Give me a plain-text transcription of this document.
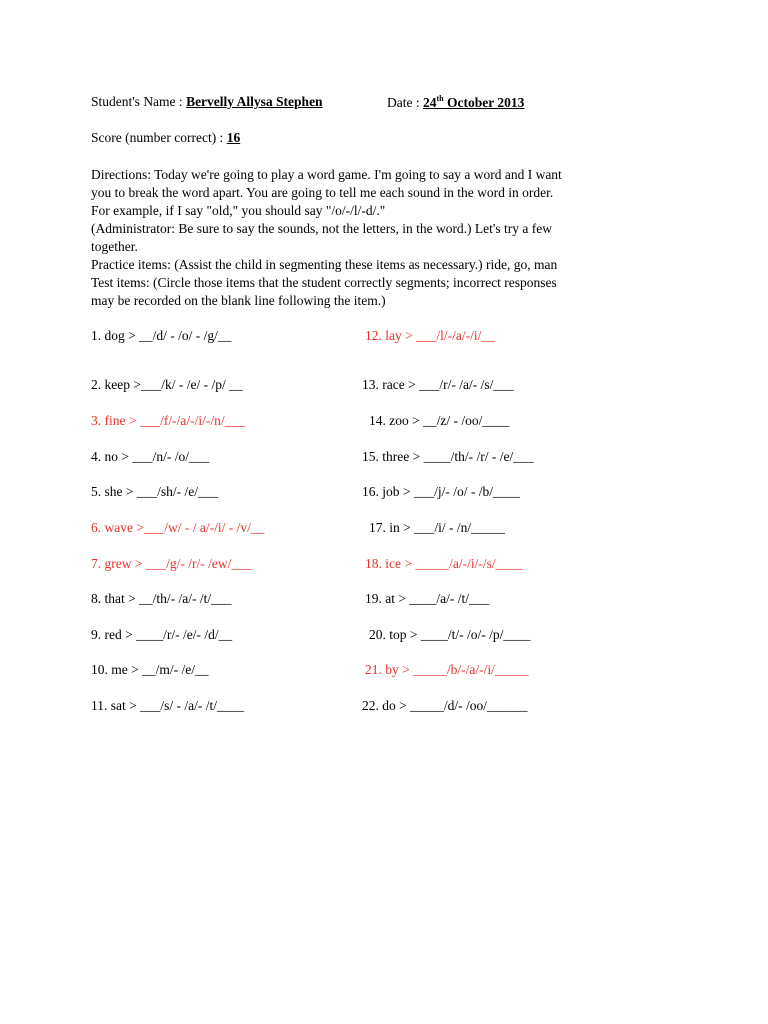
Student's Name : Bervelly Allysa Stephen	Date : 24th October 2013
Score (number correct) : 16

Directions: Today we're going to play a word game. I'm going to say a word and I want

you to break the word apart. You are going to tell me each sound in the word in order.

For example, if I say "old," you should say "/o/-/l/-d/."

(Administrator: Be sure to say the sounds, not the letters, in the word.) Let's try a few

together.

Practice items: (Assist the child in segmenting these items as necessary.) ride, go, man

Test items: (Circle those items that the student correctly segments; incorrect responses

may be recorded on the blank line following the item.)

1. dog > __/d/ - /o/ - /g/__
2. keep >___/k/ - /e/ - /p/ __
3. fine > ___/f/-/a/-/i/-/n/___
4. no > ___/n/- /o/___
5. she > ___/sh/- /e/___
6. wave >___/w/ - / a/-/i/ - /v/__
7. grew > ___/g/- /r/- /ew/___
8. that > __/th/- /a/- /t/___
9. red > ____/r/- /e/- /d/__
10. me > __/m/- /e/__
11. sat > ___/s/ - /a/- /t/____
12. lay > ___/l/-/a/-/i/__
13. race > ___/r/- /a/- /s/___
14. zoo > __/z/ - /oo/____
15. three > ____/th/- /r/ - /e/___
16. job > ___/j/- /o/ - /b/____
17. in > ___/i/ - /n/_____
18. ice > _____/a/-/i/-/s/____
19. at > ____/a/- /t/___
20. top > ____/t/- /o/- /p/____
21. by > _____/b/-/a/-/i/_____
22. do > _____/d/- /oo/______
